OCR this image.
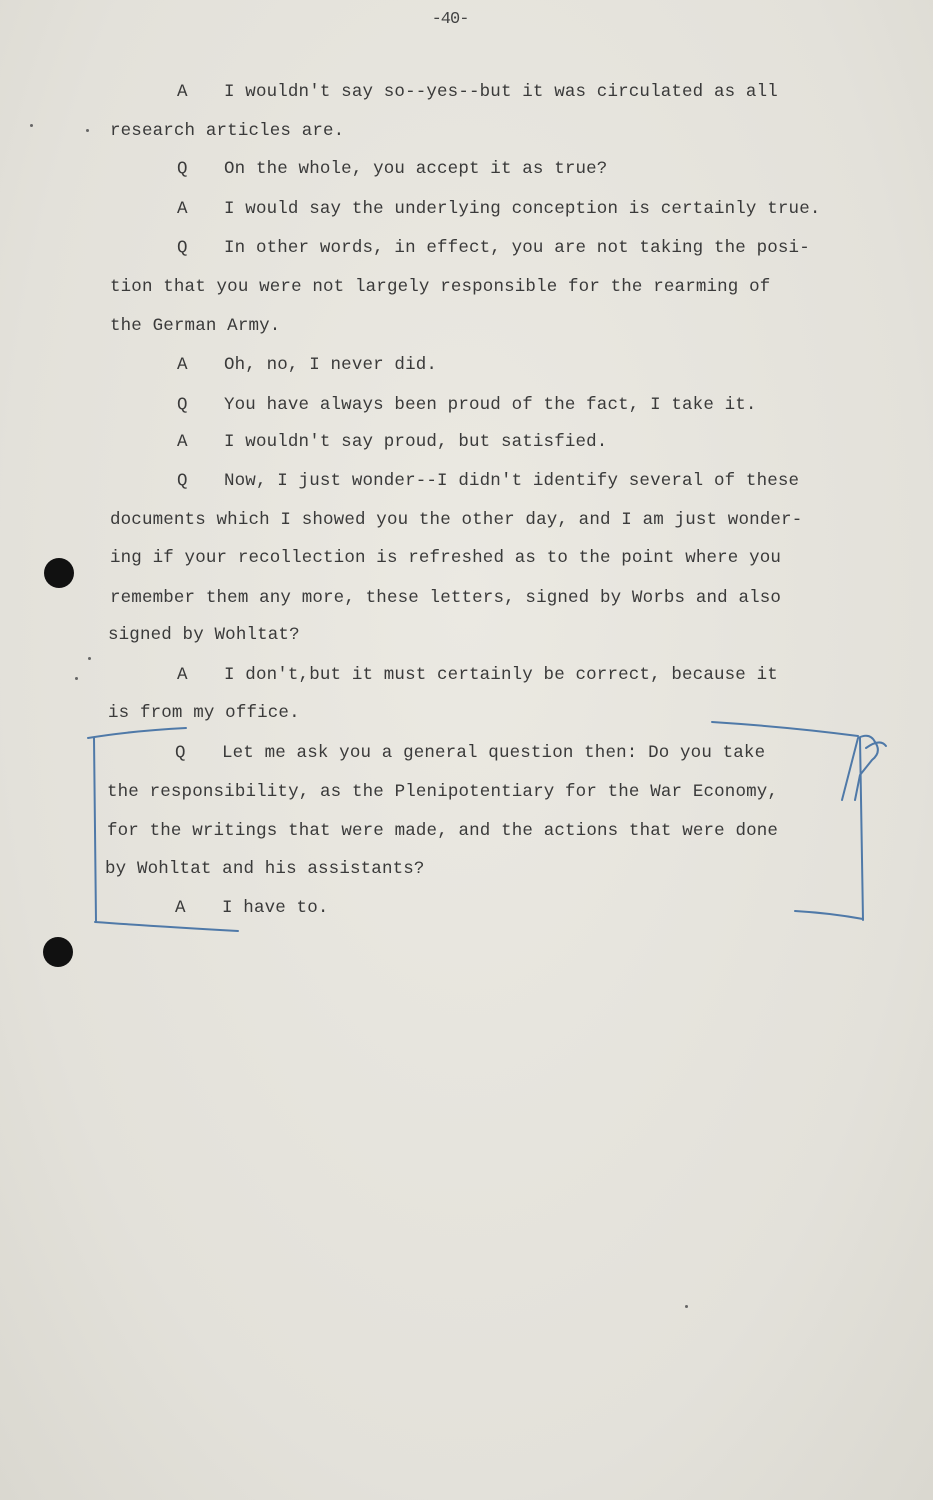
-40-
A I wouldn't say so--yes--but it was circulated as all
research articles are.
Q On the whole, you accept it as true?
A I would say the underlying conception is certainly true.
Q In other words, in effect, you are not taking the posi-
tion that you were not largely responsible for the rearming of
the German Army.
A Oh, no, I never did.
Q You have always been proud of the fact, I take it.
A I wouldn't say proud, but satisfied.
Q Now, I just wonder--I didn't identify several of these
documents which I showed you the other day, and I am just wonder-
ing if your recollection is refreshed as to the point where you
remember them any more, these letters, signed by Worbs and also
signed by Wohltat?
A I don't,but it must certainly be correct, because it
is from my office.
Q Let me ask you a general question then: Do you take
the responsibility, as the Plenipotentiary for the War Economy,
for the writings that were made, and the actions that were done
by Wohltat and his assistants?
A I have to.
